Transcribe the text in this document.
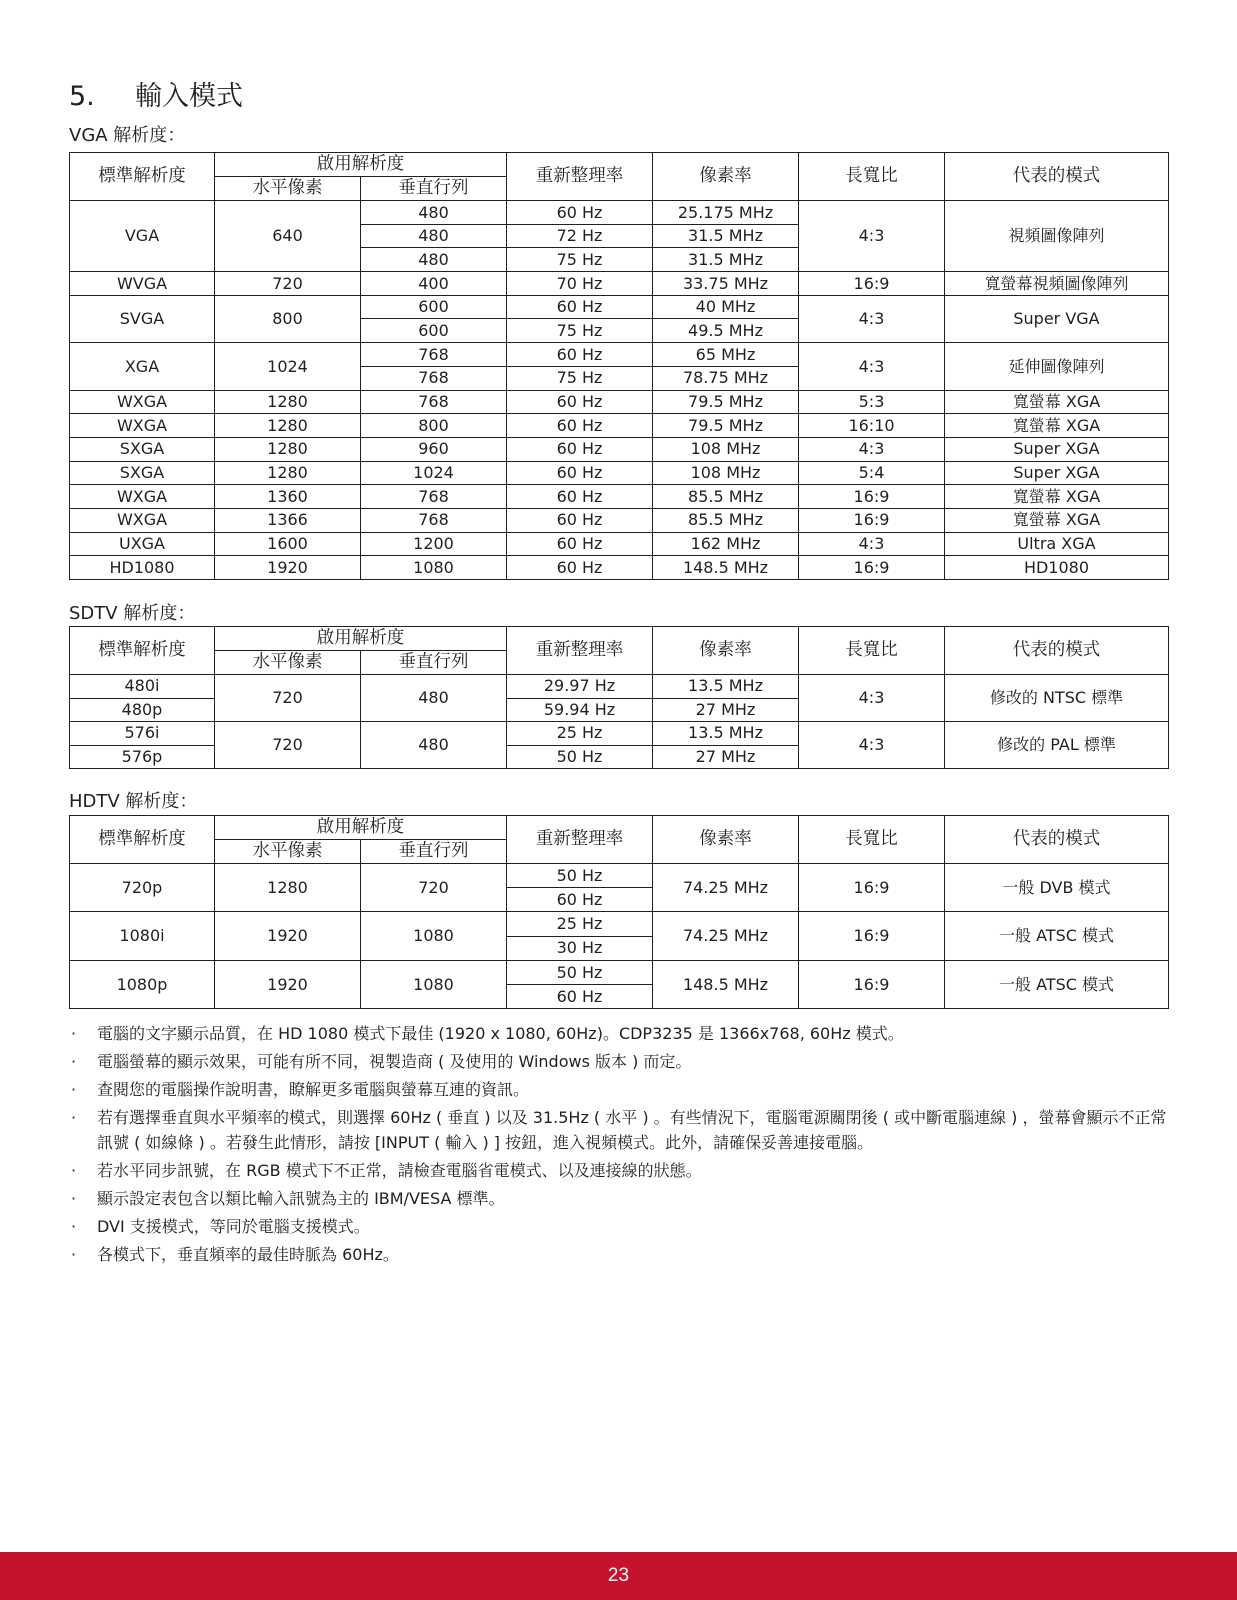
5. 輸入模式
VGA 解析度：
標準解析度	啟用解析度		重新整理率	像素率	長寬比	代表的模式
	水平像素	垂直行列				
VGA	640	480	60 Hz	25.175 MHz	4:3	視頻圖像陣列
		480	72 Hz	31.5 MHz		
		480	75 Hz	31.5 MHz		
WVGA	720	400	70 Hz	33.75 MHz	16:9	寬螢幕視頻圖像陣列
SVGA	800	600	60 Hz	40 MHz	4:3	Super VGA
		600	75 Hz	49.5 MHz		
XGA	1024	768	60 Hz	65 MHz	4:3	延伸圖像陣列
		768	75 Hz	78.75 MHz		
WXGA	1280	768	60 Hz	79.5 MHz	5:3	寬螢幕 XGA
WXGA	1280	800	60 Hz	79.5 MHz	16:10	寬螢幕 XGA
SXGA	1280	960	60 Hz	108 MHz	4:3	Super XGA
SXGA	1280	1024	60 Hz	108 MHz	5:4	Super XGA
WXGA	1360	768	60 Hz	85.5 MHz	16:9	寬螢幕 XGA
WXGA	1366	768	60 Hz	85.5 MHz	16:9	寬螢幕 XGA
UXGA	1600	1200	60 Hz	162 MHz	4:3	Ultra XGA
HD1080	1920	1080	60 Hz	148.5 MHz	16:9	HD1080
SDTV 解析度：
標準解析度	啟用解析度		重新整理率	像素率	長寬比	代表的模式
	水平像素	垂直行列				
480i	720	480	29.97 Hz	13.5 MHz	4:3	修改的 NTSC 標準
480p			59.94 Hz	27 MHz		
576i	720	480	25 Hz	13.5 MHz	4:3	修改的 PAL 標準
576p			50 Hz	27 MHz		
HDTV 解析度：
標準解析度	啟用解析度		重新整理率	像素率	長寬比	代表的模式
	水平像素	垂直行列				
720p	1280	720	50 Hz	74.25 MHz	16:9	一般 DVB 模式
			60 Hz			
1080i	1920	1080	25 Hz	74.25 MHz	16:9	一般 ATSC 模式
			30 Hz			
1080p	1920	1080	50 Hz	148.5 MHz	16:9	一般 ATSC 模式
			60 Hz			
· 電腦的文字顯示品質，在 HD 1080 模式下最佳 (1920 x 1080, 60Hz)。CDP3235 是 1366x768, 60Hz 模式。
· 電腦螢幕的顯示效果，可能有所不同，視製造商 ( 及使用的 Windows 版本 ) 而定。
· 查閱您的電腦操作說明書，瞭解更多電腦與螢幕互連的資訊。
· 若有選擇垂直與水平頻率的模式，則選擇 60Hz ( 垂直 ) 以及 31.5Hz ( 水平 ) 。有些情況下，電腦電源關閉後 ( 或中斷電腦連線 ) ，螢幕會顯示不正常訊號 ( 如線條 ) 。若發生此情形，請按 [INPUT ( 輸入 ) ] 按鈕，進入視頻模式。此外，請確保妥善連接電腦。
· 若水平同步訊號，在 RGB 模式下不正常，請檢查電腦省電模式、以及連接線的狀態。
· 顯示設定表包含以類比輸入訊號為主的 IBM/VESA 標準。
· DVI 支援模式，等同於電腦支援模式。
· 各模式下，垂直頻率的最佳時脈為 60Hz。
23
